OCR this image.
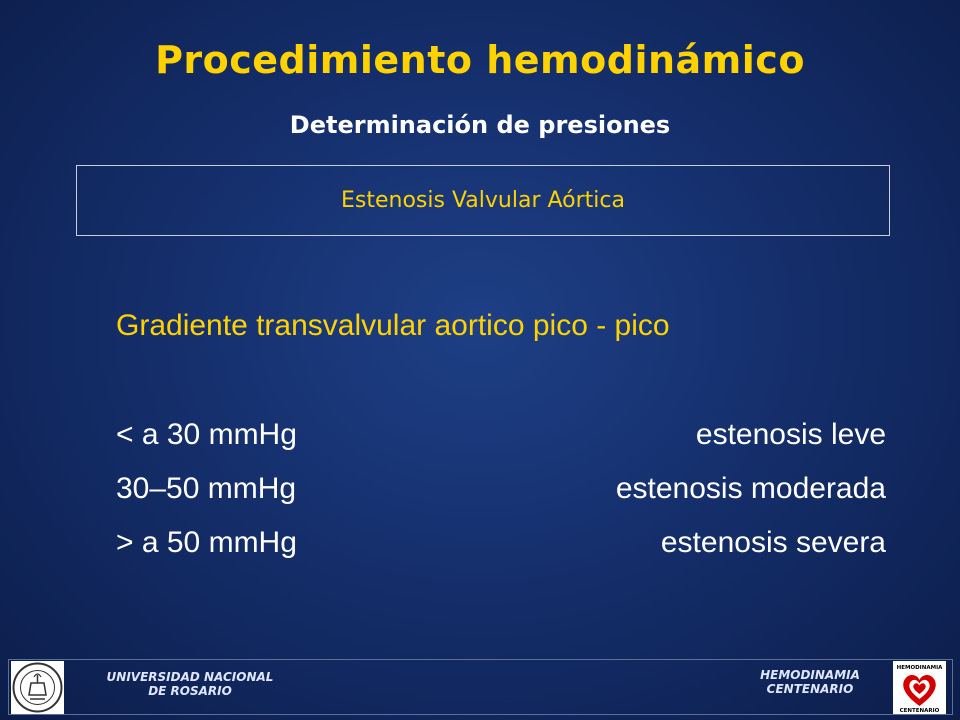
Procedimiento hemodinámico
Determinación de presiones
Estenosis Valvular Aórtica
Gradiente transvalvular aortico pico - pico
< a 30 mmHg	estenosis leve
30–50 mmHg	estenosis moderada
> a 50 mmHg	estenosis severa
UNIVERSIDAD NACIONAL
DE ROSARIO
HEMODINAMIA
CENTENARIO
HEMODINAMIA
CENTENARIO
